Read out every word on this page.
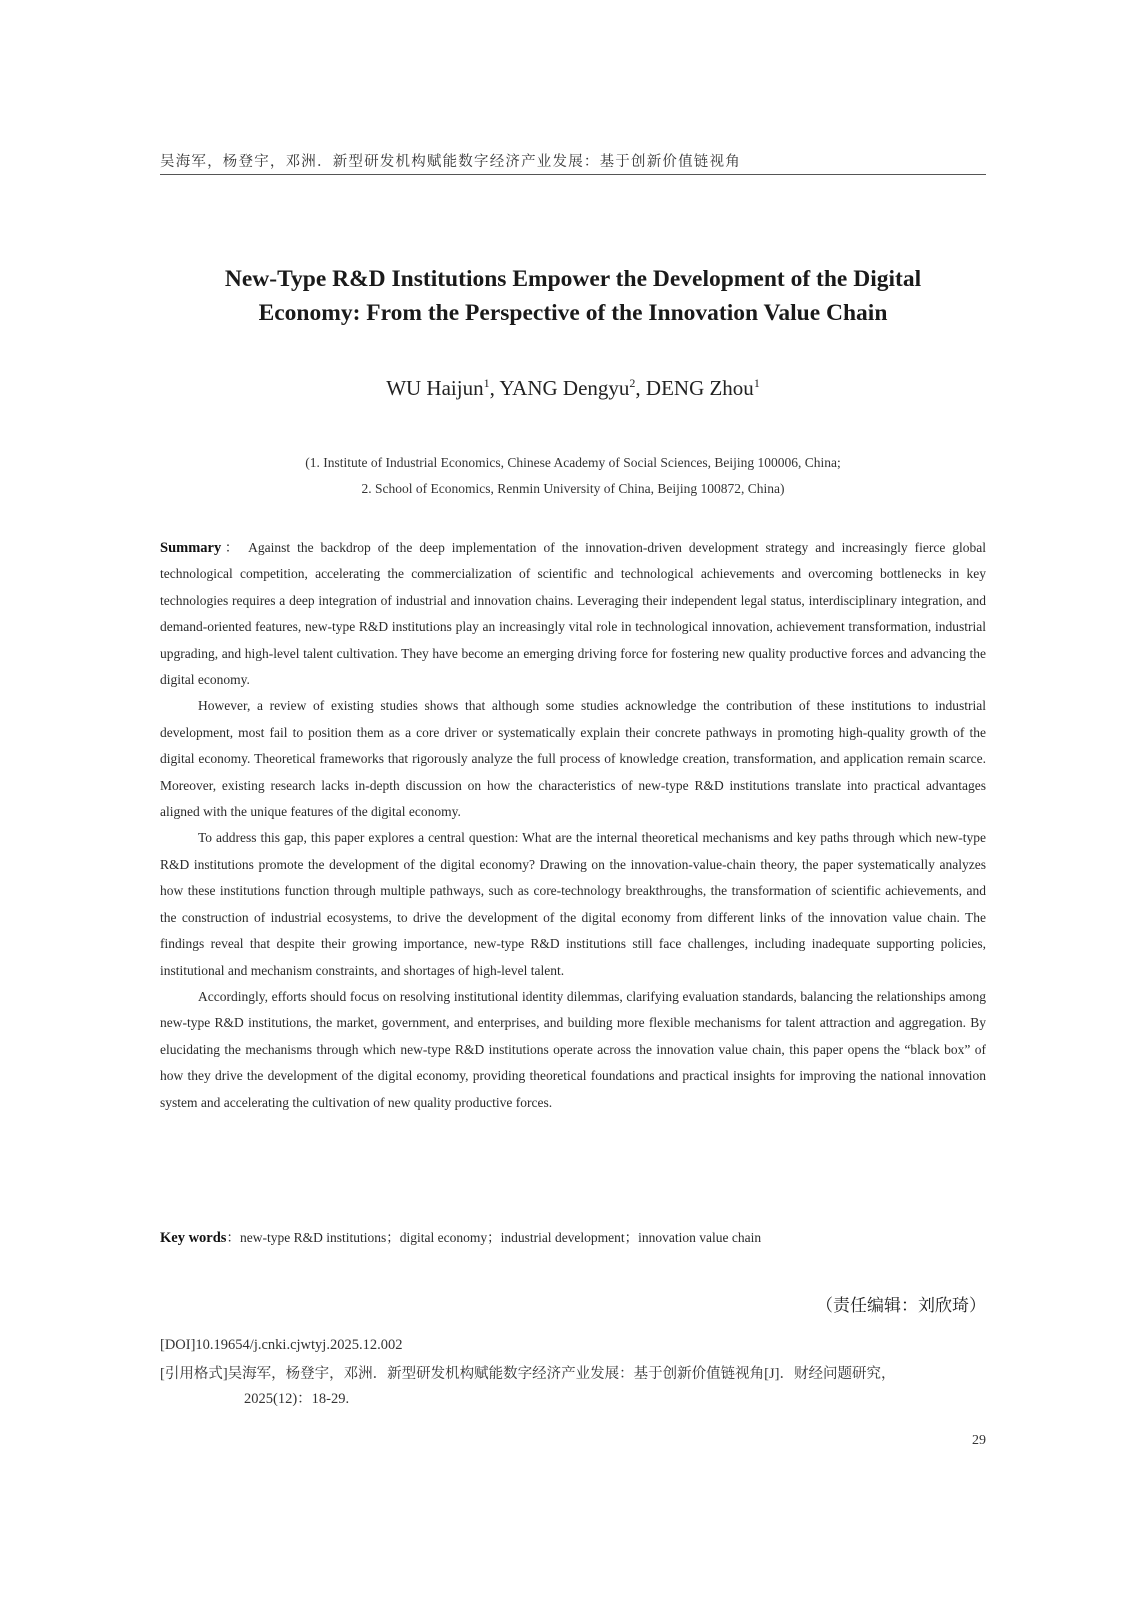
吴海军，杨登宇，邓洲．新型研发机构赋能数字经济产业发展：基于创新价值链视角
New-Type R&D Institutions Empower the Development of the Digital
Economy: From the Perspective of the Innovation Value Chain
WU Haijun$^1$, YANG Dengyu$^2$, DENG Zhou$^1$
(1. Institute of Industrial Economics, Chinese Academy of Social Sciences, Beijing 100006, China;
2. School of Economics, Renmin University of China, Beijing 100872, China)

Summary： Against the backdrop of the deep implementation of the innovation-driven development strategy and increasingly fierce global technological competition, accelerating the commercialization of scientific and technological achievements and overcoming bottlenecks in key technologies requires a deep integration of industrial and innovation chains. Leveraging their independent legal status, interdisciplinary integration, and demand-oriented features, new-type R&D institutions play an increasingly vital role in technological innovation, achievement transformation, industrial upgrading, and high-level talent cultivation. They have become an emerging driving force for fostering new quality productive forces and advancing the digital economy.

However, a review of existing studies shows that although some studies acknowledge the contribution of these institutions to industrial development, most fail to position them as a core driver or systematically explain their concrete pathways in promoting high-quality growth of the digital economy. Theoretical frameworks that rigorously analyze the full process of knowledge creation, transformation, and application remain scarce. Moreover, existing research lacks in-depth discussion on how the characteristics of new-type R&D institutions translate into practical advantages aligned with the unique features of the digital economy.

To address this gap, this paper explores a central question: What are the internal theoretical mechanisms and key paths through which new-type R&D institutions promote the development of the digital economy? Drawing on the innovation-value-chain theory, the paper systematically analyzes how these institutions function through multiple pathways, such as core-technology breakthroughs, the transformation of scientific achievements, and the construction of industrial ecosystems, to drive the development of the digital economy from different links of the innovation value chain. The findings reveal that despite their growing importance, new-type R&D institutions still face challenges, including inadequate supporting policies, institutional and mechanism constraints, and shortages of high-level talent.

Accordingly, efforts should focus on resolving institutional identity dilemmas, clarifying evaluation standards, balancing the relationships among new-type R&D institutions, the market, government, and enterprises, and building more flexible mechanisms for talent attraction and aggregation. By elucidating the mechanisms through which new-type R&D institutions operate across the innovation value chain, this paper opens the “black box” of how they drive the development of the digital economy, providing theoretical foundations and practical insights for improving the national innovation system and accelerating the cultivation of new quality productive forces.

Key words：new-type R&D institutions；digital economy；industrial development；innovation value chain
（责任编辑：刘欣琦）
[DOI]10.19654/j.cnki.cjwtyj.2025.12.002
[引用格式]吴海军，杨登宇，邓洲．新型研发机构赋能数字经济产业发展：基于创新价值链视角[J]．财经问题研究，
2025(12)：18-29.
29
